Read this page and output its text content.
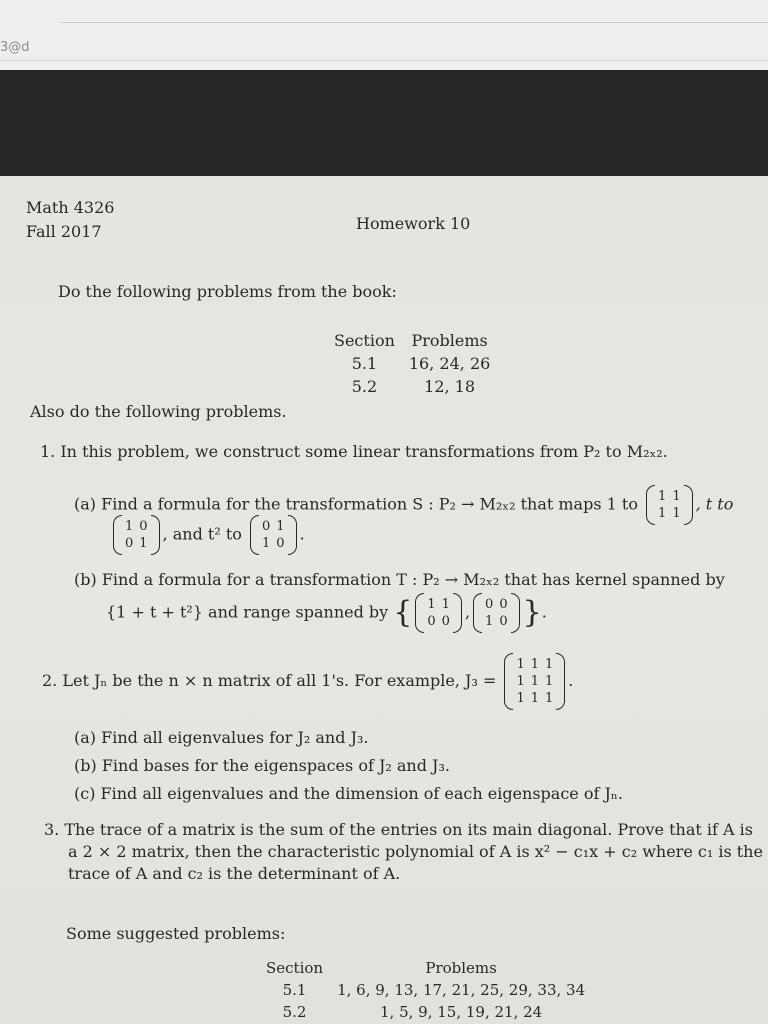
3@d
Math 4326
Fall 2017	Homework 10
Do the following problems from the book:
Section	Problems
5.1	16, 24, 26
5.2	12, 18
Also do the following problems.
1. In this problem, we construct some linear transformations from P₂ to M₂ₓ₂.
(a) Find a formula for the transformation S : P₂ → M₂ₓ₂ that maps 1 to 1	1
1	1 , t to
1	0
0	1 , and t² to 0	1
1	0 .
(b) Find a formula for a transformation T : P₂ → M₂ₓ₂ that has kernel spanned by
{1 + t + t²} and range spanned by { 1	1
0	0 , 0	0
1	0 }.
2. Let Jₙ be the n × n matrix of all 1's. For example, J₃ =
1	1	1
1	1	1
1	1	1
.
(a) Find all eigenvalues for J₂ and J₃.
(b) Find bases for the eigenspaces of J₂ and J₃.
(c) Find all eigenvalues and the dimension of each eigenspace of Jₙ.
3. The trace of a matrix is the sum of the entries on its main diagonal. Prove that if A is
a 2 × 2 matrix, then the characteristic polynomial of A is x² − c₁x + c₂ where c₁ is the
trace of A and c₂ is the determinant of A.
Some suggested problems:
Section	Problems
5.1	1, 6, 9, 13, 17, 21, 25, 29, 33, 34
5.2	1, 5, 9, 15, 19, 21, 24
